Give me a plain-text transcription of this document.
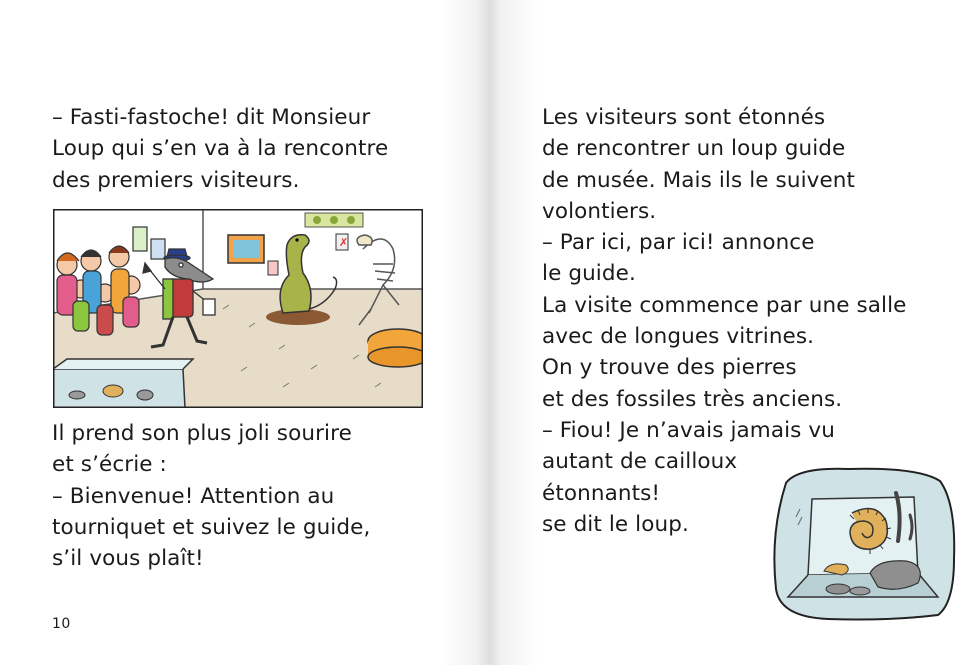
– Fasti-fastoche! dit Monsieur
Loup qui s’en va à la rencontre
des premiers visiteurs.

✗

Il prend son plus joli sourire
et s’écrie :
– Bienvenue! Attention au
tourniquet et suivez le guide,
s’il vous plaît!

10

Les visiteurs sont étonnés
de rencontrer un loup guide
de musée. Mais ils le suivent
volontiers.
– Par ici, par ici! annonce
le guide.
La visite commence par une salle
avec de longues vitrines.
On y trouve des pierres
et des fossiles très anciens.
– Fiou! Je n’avais jamais vu
autant de cailloux
étonnants!
se dit le loup.
